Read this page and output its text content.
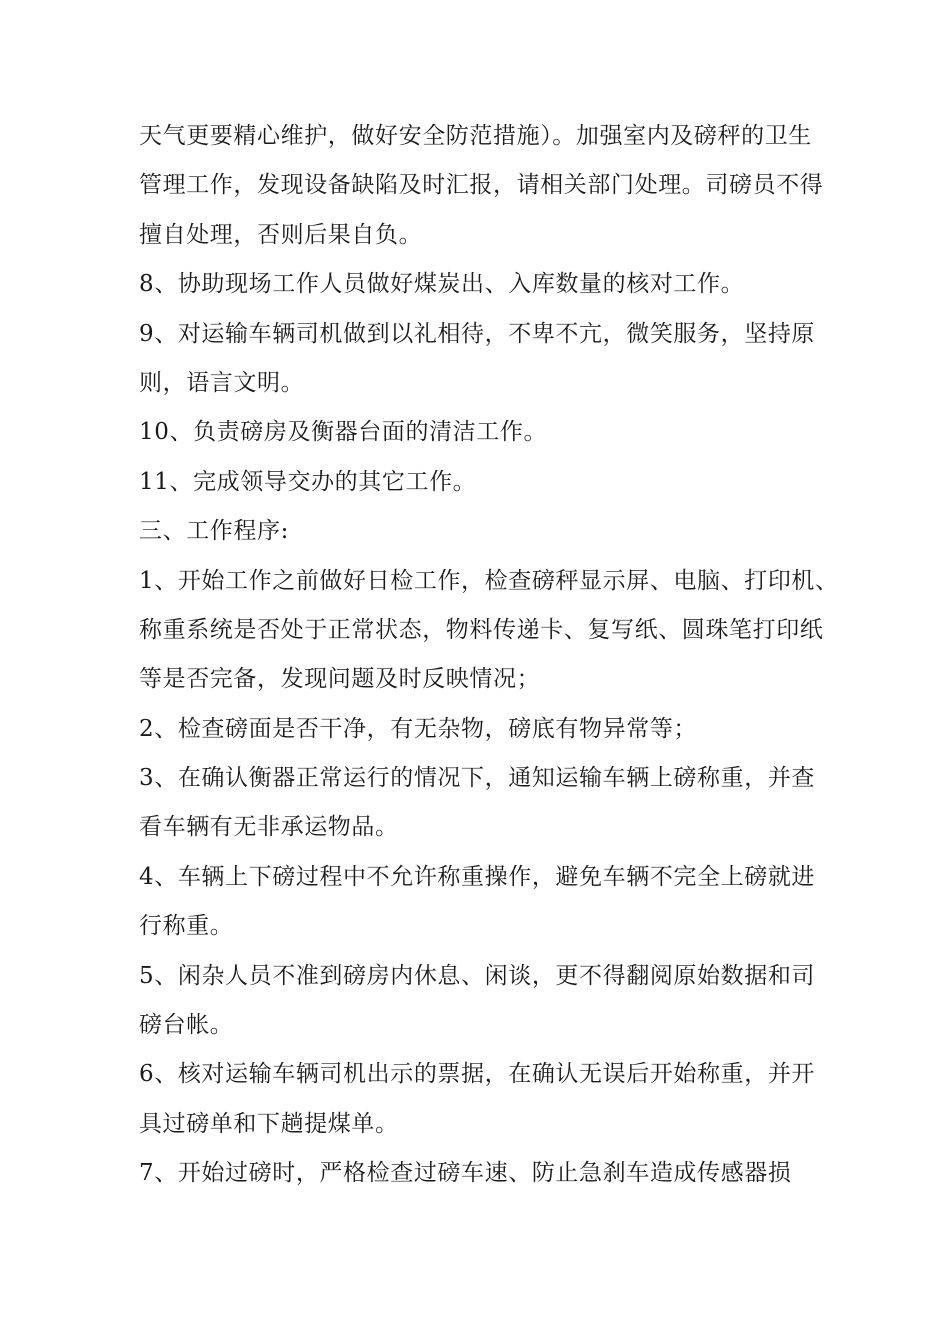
天气更要精心维护，做好安全防范措施）。加强室内及磅秤的卫生
管理工作，发现设备缺陷及时汇报，请相关部门处理。司磅员不得
擅自处理，否则后果自负。
8、协助现场工作人员做好煤炭出、入库数量的核对工作。
9、对运输车辆司机做到以礼相待，不卑不亢，微笑服务，坚持原
则，语言文明。
10、负责磅房及衡器台面的清洁工作。
11、完成领导交办的其它工作。
三、工作程序:
1、开始工作之前做好日检工作，检查磅秤显示屏、电脑、打印机、
称重系统是否处于正常状态，物料传递卡、复写纸、圆珠笔打印纸
等是否完备，发现问题及时反映情况；
2、检查磅面是否干净，有无杂物，磅底有物异常等；
3、在确认衡器正常运行的情况下，通知运输车辆上磅称重，并查
看车辆有无非承运物品。
4、车辆上下磅过程中不允许称重操作，避免车辆不完全上磅就进
行称重。
5、闲杂人员不准到磅房内休息、闲谈，更不得翻阅原始数据和司
磅台帐。
6、核对运输车辆司机出示的票据，在确认无误后开始称重，并开
具过磅单和下趟提煤单。
7、开始过磅时，严格检查过磅车速、防止急刹车造成传感器损
